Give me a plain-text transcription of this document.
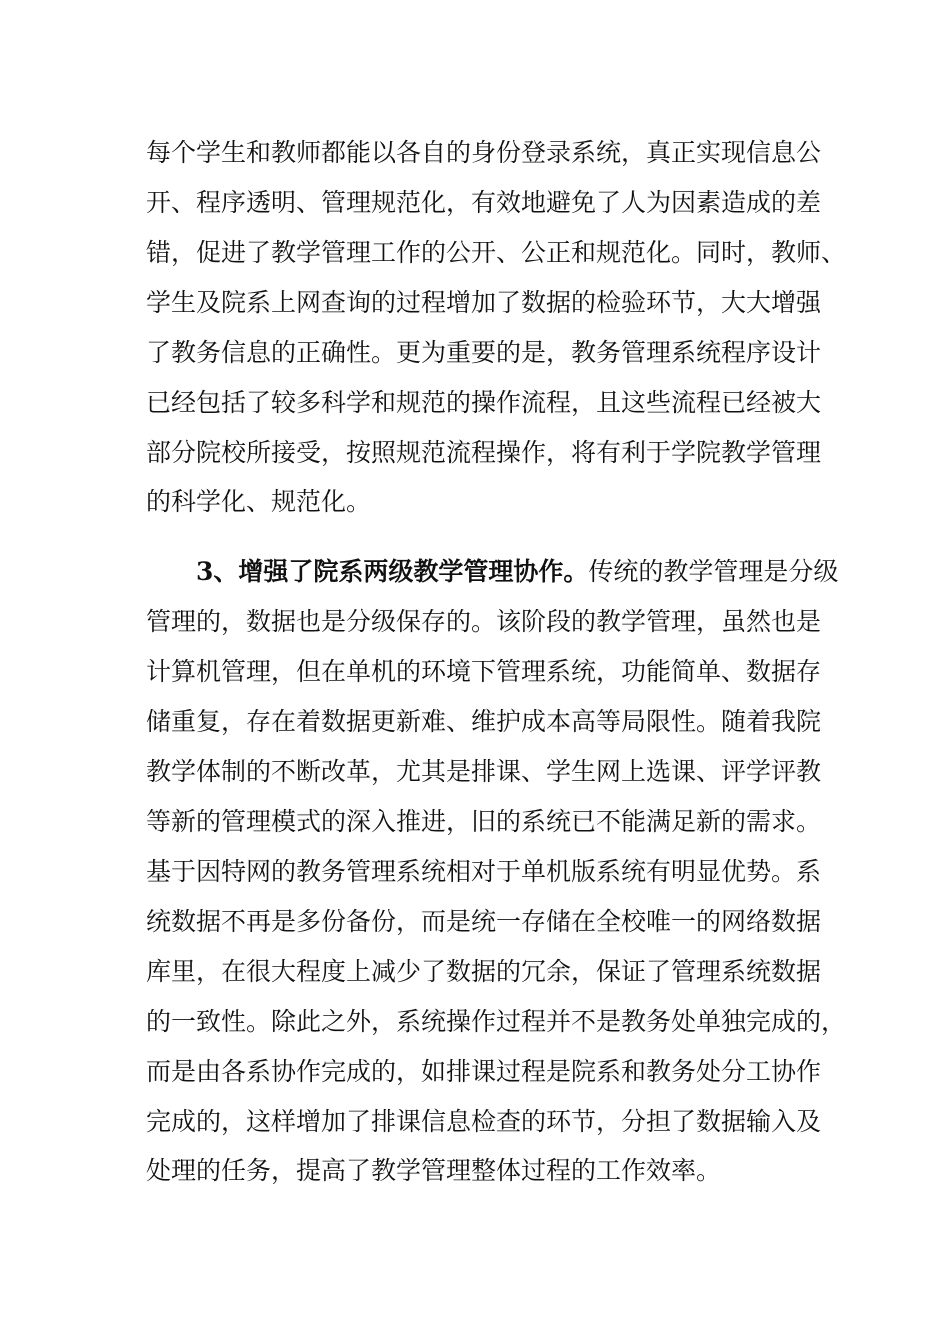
每个学生和教师都能以各自的身份登录系统，真正实现信息公
开、程序透明、管理规范化，有效地避免了人为因素造成的差
错，促进了教学管理工作的公开、公正和规范化。同时，教师、
学生及院系上网查询的过程增加了数据的检验环节，大大增强
了教务信息的正确性。更为重要的是，教务管理系统程序设计
已经包括了较多科学和规范的操作流程，且这些流程已经被大
部分院校所接受，按照规范流程操作，将有利于学院教学管理
的科学化、规范化。
3、增强了院系两级教学管理协作。传统的教学管理是分级
管理的，数据也是分级保存的。该阶段的教学管理，虽然也是
计算机管理，但在单机的环境下管理系统，功能简单、数据存
储重复，存在着数据更新难、维护成本高等局限性。随着我院
教学体制的不断改革，尤其是排课、学生网上选课、评学评教
等新的管理模式的深入推进，旧的系统已不能满足新的需求。
基于因特网的教务管理系统相对于单机版系统有明显优势。系
统数据不再是多份备份，而是统一存储在全校唯一的网络数据
库里，在很大程度上减少了数据的冗余，保证了管理系统数据
的一致性。除此之外，系统操作过程并不是教务处单独完成的，
而是由各系协作完成的，如排课过程是院系和教务处分工协作
完成的，这样增加了排课信息检查的环节，分担了数据输入及
处理的任务，提高了教学管理整体过程的工作效率。
